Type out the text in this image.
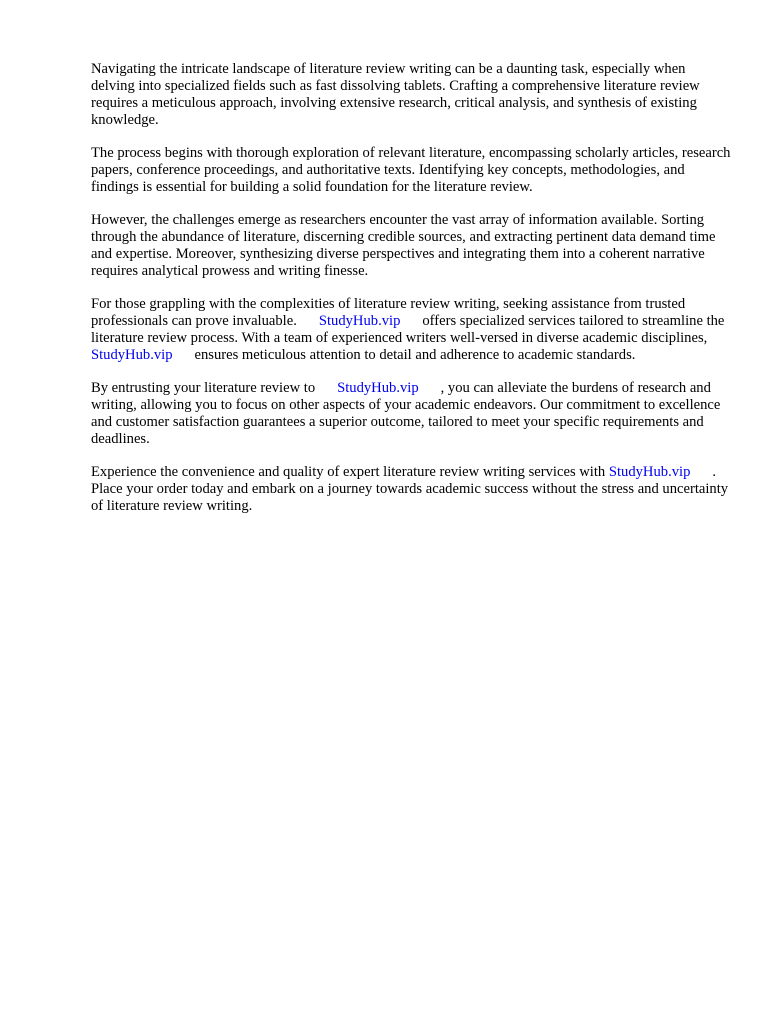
Navigating the intricate landscape of literature review writing can be a daunting task, especially when delving into specialized fields such as fast dissolving tablets. Crafting a comprehensive literature review requires a meticulous approach, involving extensive research, critical analysis, and synthesis of existing knowledge.

The process begins with thorough exploration of relevant literature, encompassing scholarly articles, research papers, conference proceedings, and authoritative texts. Identifying key concepts, methodologies, and findings is essential for building a solid foundation for the literature review.

However, the challenges emerge as researchers encounter the vast array of information available. Sorting through the abundance of literature, discerning credible sources, and extracting pertinent data demand time and expertise. Moreover, synthesizing diverse perspectives and integrating them into a coherent narrative requires analytical prowess and writing finesse.

For those grappling with the complexities of literature review writing, seeking assistance from trusted professionals can prove invaluable. StudyHub.vip offers specialized services tailored to streamline the literature review process. With a team of experienced writers well-versed in diverse academic disciplines,StudyHub.vip ensures meticulous attention to detail and adherence to academic standards.

By entrusting your literature review to StudyHub.vip , you can alleviate the burdens of research and writing, allowing you to focus on other aspects of your academic endeavors. Our commitment to excellence and customer satisfaction guarantees a superior outcome, tailored to meet your specific requirements and deadlines.

Experience the convenience and quality of expert literature review writing services with StudyHub.vip . Place your order today and embark on a journey towards academic success without the stress and uncertainty of literature review writing.
